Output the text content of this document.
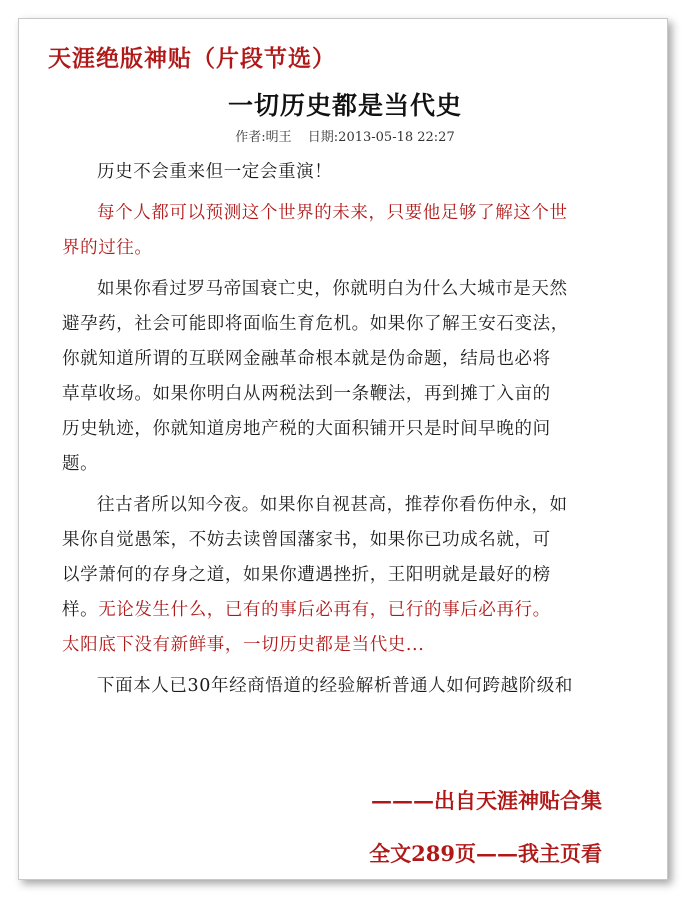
天涯绝版神贴（片段节选）
一切历史都是当代史
作者:明王 日期:2013-05-18 22:27
历史不会重来但一定会重演！
每个人都可以预测这个世界的未来，只要他足够了解这个世
界的过往。
如果你看过罗马帝国衰亡史，你就明白为什么大城市是天然
避孕药，社会可能即将面临生育危机。如果你了解王安石变法，
你就知道所谓的互联网金融革命根本就是伪命题，结局也必将
草草收场。如果你明白从两税法到一条鞭法，再到摊丁入亩的
历史轨迹，你就知道房地产税的大面积铺开只是时间早晚的问
题。
往古者所以知今夜。如果你自视甚高，推荐你看伤仲永，如
果你自觉愚笨，不妨去读曾国藩家书，如果你已功成名就，可
以学萧何的存身之道，如果你遭遇挫折，王阳明就是最好的榜
样。无论发生什么，已有的事后必再有，已行的事后必再行。
太阳底下没有新鲜事，一切历史都是当代史...
下面本人已30年经商悟道的经验解析普通人如何跨越阶级和
———出自天涯神贴合集
全文289页——我主页看
